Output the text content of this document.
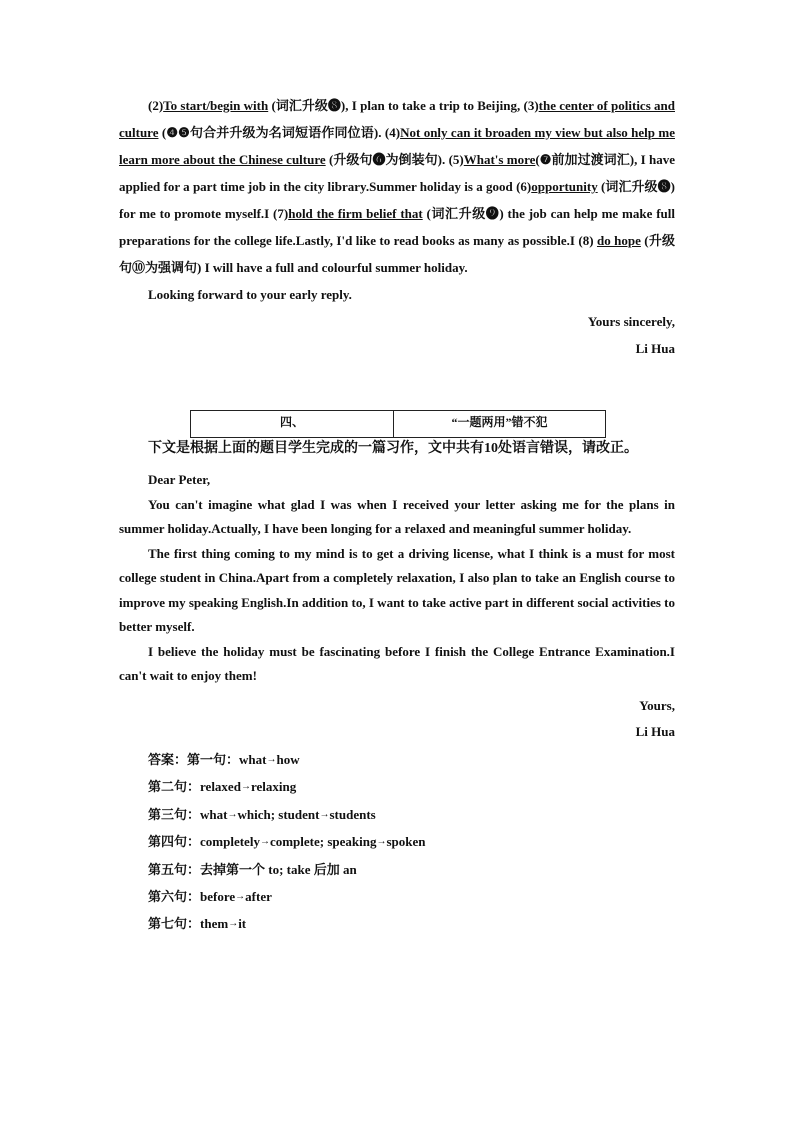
(2)To start/begin with (词汇升级❽), I plan to take a trip to Beijing, (3)the center of politics and culture (❹❺句合并升级为名词短语作同位语). (4)Not only can it broaden my view but also help me learn more about the Chinese culture (升级句❻为倒装句). (5)What's more(❼前加过渡词汇), I have applied for a part time job in the city library.Summer holiday is a good (6)opportunity (词汇升级❽) for me to promote myself.I (7)hold the firm belief that (词汇升级❾) the job can help me make full preparations for the college life.Lastly, I'd like to read books as many as possible.I (8) do hope (升级句⑩为强调句) I will have a full and colourful summer holiday.

Looking forward to your early reply.

Yours sincerely,

Li Hua

四、	“一题两用”错不犯

下文是根据上面的题目学生完成的一篇习作，文中共有10处语言错误，请改正。

Dear Peter,

You can't imagine what glad I was when I received your letter asking me for the plans in summer holiday.Actually, I have been longing for a relaxed and meaningful summer holiday.

The first thing coming to my mind is to get a driving license, what I think is a must for most college student in China.Apart from a completely relaxation, I also plan to take an English course to improve my speaking English.In addition to, I want to take active part in different social activities to better myself.

I believe the holiday must be fascinating before I finish the College Entrance Examination.I can't wait to enjoy them!

Yours,

Li Hua

答案：第一句：what→how

第二句：relaxed→relaxing

第三句：what→which; student→students

第四句：completely→complete; speaking→spoken

第五句：去掉第一个 to; take 后加 an

第六句：before→after

第七句：them→it
